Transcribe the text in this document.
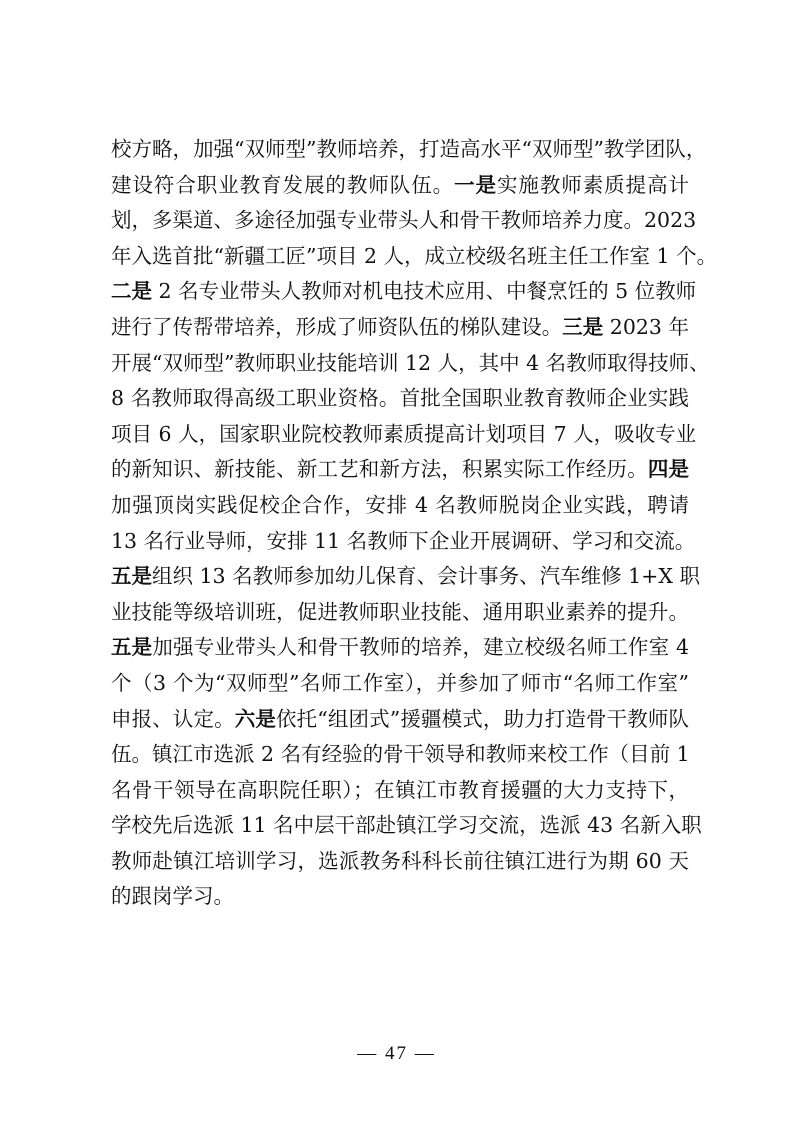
校方略，加强“双师型”教师培养，打造高水平“双师型”教学团队，
建设符合职业教育发展的教师队伍。一是实施教师素质提高计
划，多渠道、多途径加强专业带头人和骨干教师培养力度。2023
年入选首批“新疆工匠”项目 2 人，成立校级名班主任工作室 1 个。
二是 2 名专业带头人教师对机电技术应用、中餐烹饪的 5 位教师
进行了传帮带培养，形成了师资队伍的梯队建设。三是 2023 年
开展“双师型”教师职业技能培训 12 人，其中 4 名教师取得技师、
8 名教师取得高级工职业资格。首批全国职业教育教师企业实践
项目 6 人，国家职业院校教师素质提高计划项目 7 人，吸收专业
的新知识、新技能、新工艺和新方法，积累实际工作经历。四是
加强顶岗实践促校企合作，安排 4 名教师脱岗企业实践，聘请
13 名行业导师，安排 11 名教师下企业开展调研、学习和交流。
五是组织 13 名教师参加幼儿保育、会计事务、汽车维修 1+X 职
业技能等级培训班，促进教师职业技能、通用职业素养的提升。
五是加强专业带头人和骨干教师的培养，建立校级名师工作室 4
个（3 个为“双师型”名师工作室），并参加了师市“名师工作室”
申报、认定。六是依托“组团式”援疆模式，助力打造骨干教师队
伍。镇江市选派 2 名有经验的骨干领导和教师来校工作（目前 1
名骨干领导在高职院任职）；在镇江市教育援疆的大力支持下，
学校先后选派 11 名中层干部赴镇江学习交流，选派 43 名新入职
教师赴镇江培训学习，选派教务科科长前往镇江进行为期 60 天
的跟岗学习。
— 47 —
